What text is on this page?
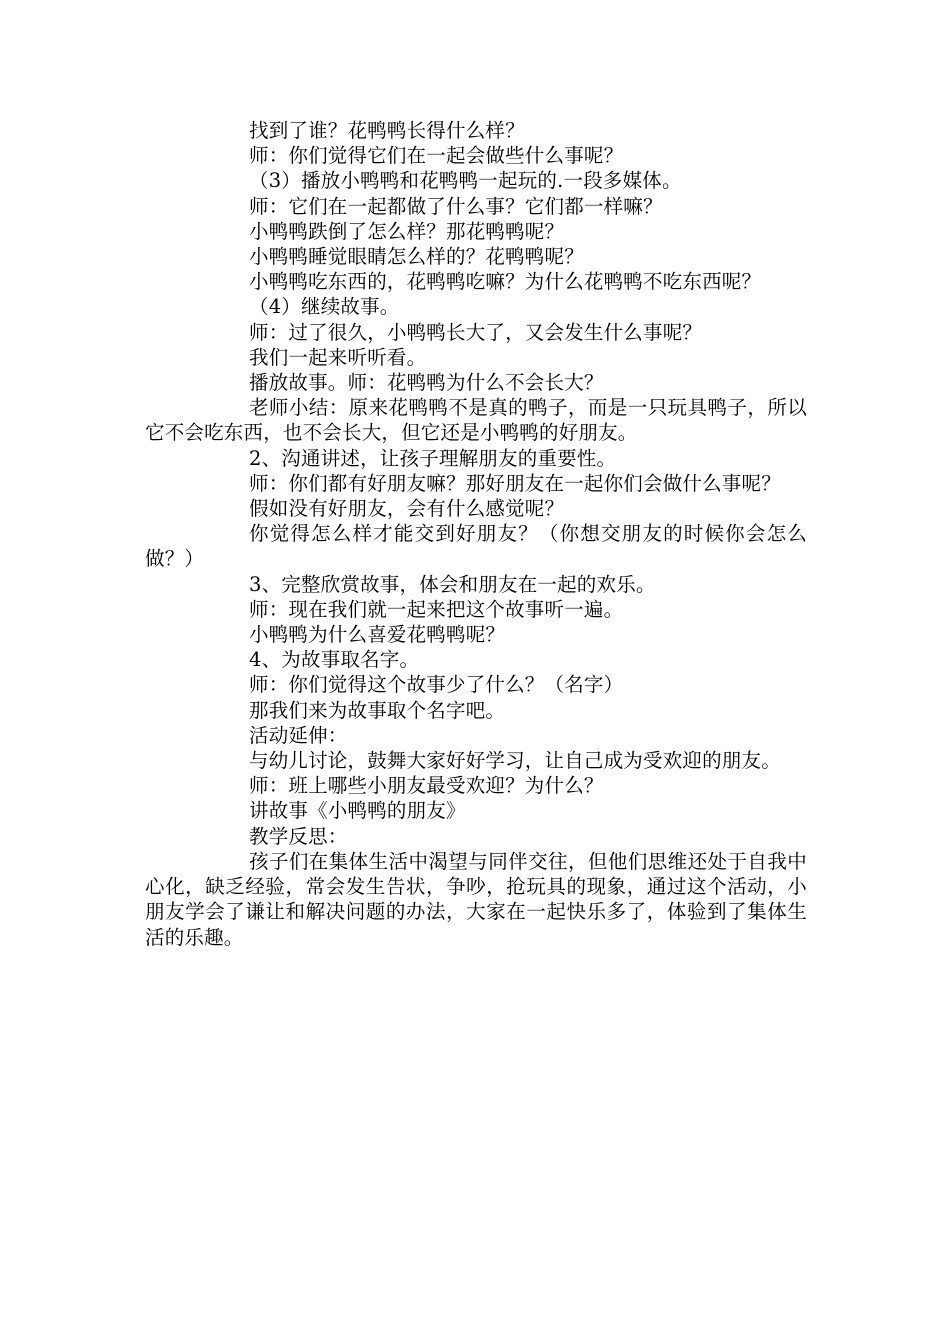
找到了谁？花鸭鸭长得什么样？

师：你们觉得它们在一起会做些什么事呢？

（3）播放小鸭鸭和花鸭鸭一起玩的.一段多媒体。

师：它们在一起都做了什么事？它们都一样嘛？

小鸭鸭跌倒了怎么样？那花鸭鸭呢？

小鸭鸭睡觉眼睛怎么样的？花鸭鸭呢？

小鸭鸭吃东西的，花鸭鸭吃嘛？为什么花鸭鸭不吃东西呢？

（4）继续故事。

师：过了很久，小鸭鸭长大了，又会发生什么事呢？

我们一起来听听看。

播放故事。师：花鸭鸭为什么不会长大？

老师小结：原来花鸭鸭不是真的鸭子，而是一只玩具鸭子，所以它不会吃东西，也不会长大，但它还是小鸭鸭的好朋友。

2、沟通讲述，让孩子理解朋友的重要性。

师：你们都有好朋友嘛？那好朋友在一起你们会做什么事呢？

假如没有好朋友，会有什么感觉呢？

你觉得怎么样才能交到好朋友？（你想交朋友的时候你会怎么做？）

3、完整欣赏故事，体会和朋友在一起的欢乐。

师：现在我们就一起来把这个故事听一遍。

小鸭鸭为什么喜爱花鸭鸭呢？

4、为故事取名字。

师：你们觉得这个故事少了什么？（名字）

那我们来为故事取个名字吧。

活动延伸：

与幼儿讨论，鼓舞大家好好学习，让自己成为受欢迎的朋友。

师：班上哪些小朋友最受欢迎？为什么？

讲故事《小鸭鸭的朋友》

教学反思：

孩子们在集体生活中渴望与同伴交往，但他们思维还处于自我中心化，缺乏经验，常会发生告状，争吵，抢玩具的现象，通过这个活动，小朋友学会了谦让和解决问题的办法，大家在一起快乐多了，体验到了集体生活的乐趣。
